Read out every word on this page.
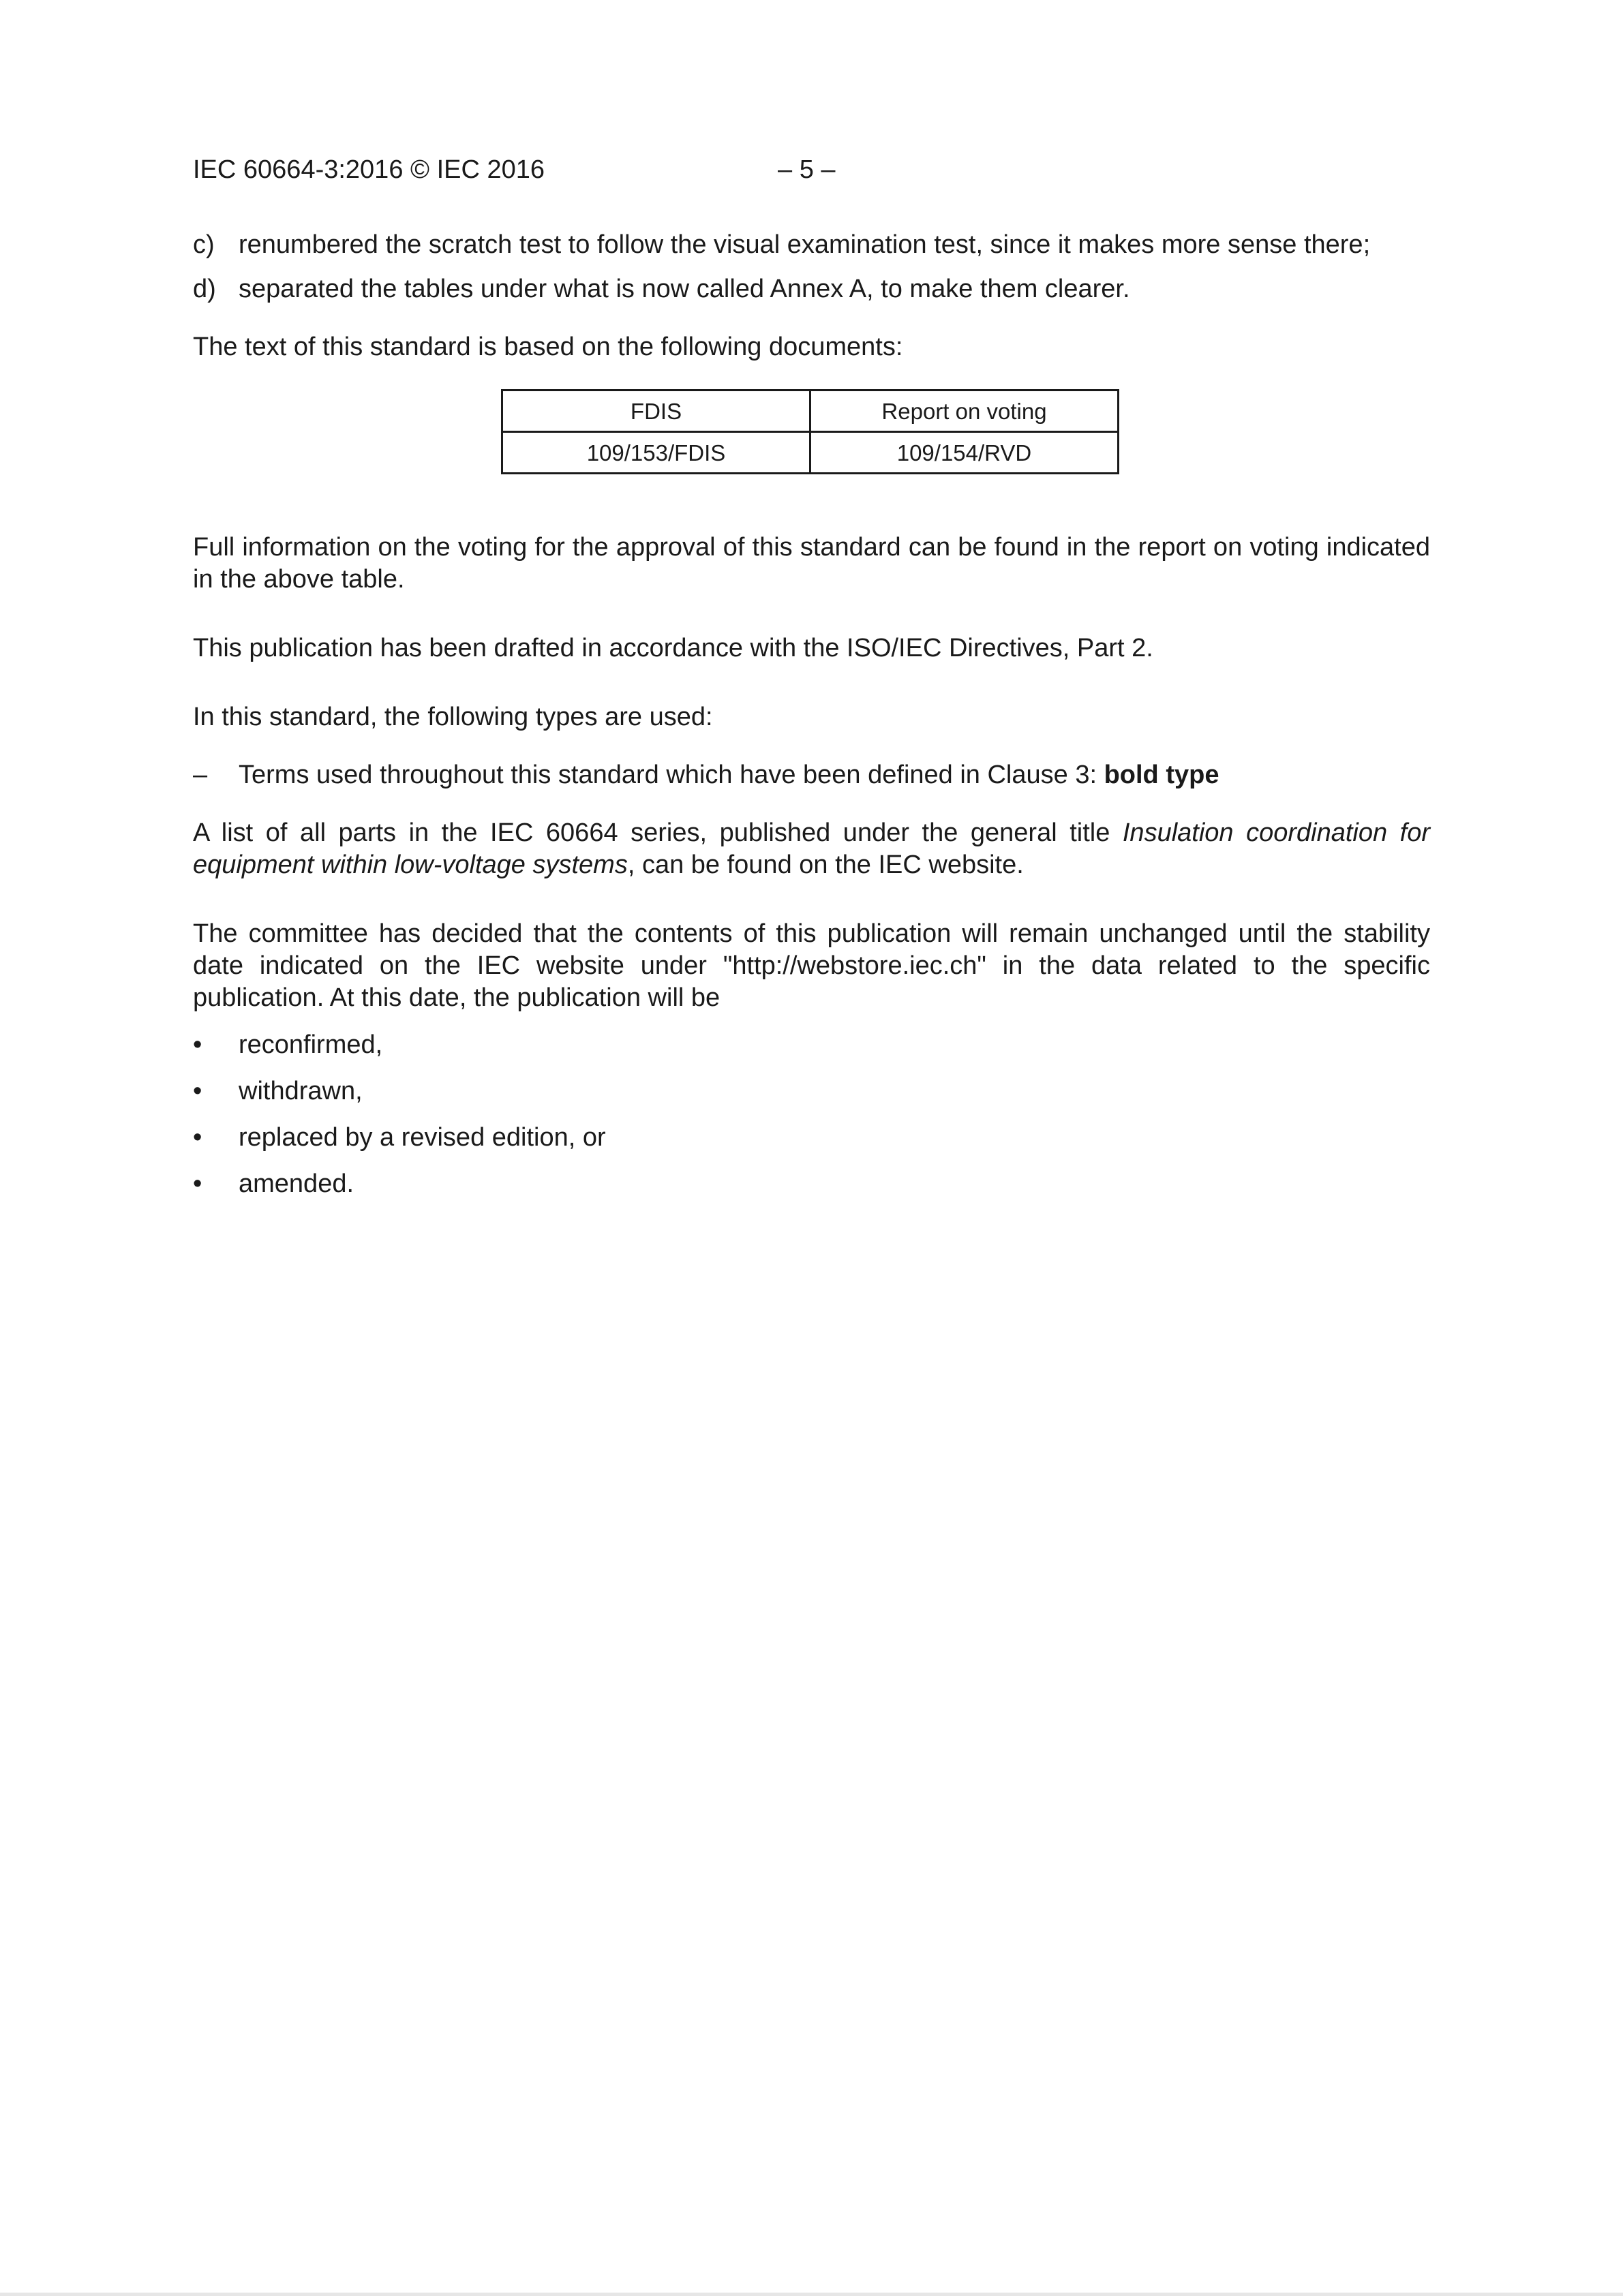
IEC 60664-3:2016 © IEC 2016	– 5 –
c) renumbered the scratch test to follow the visual examination test, since it makes more sense there;
d) separated the tables under what is now called Annex A, to make them clearer.

The text of this standard is based on the following documents:

FDIS	Report on voting
109/153/FDIS	109/154/RVD

Full information on the voting for the approval of this standard can be found in the report on voting indicated in the above table.

This publication has been drafted in accordance with the ISO/IEC Directives, Part 2.

In this standard, the following types are used:

–	Terms used throughout this standard which have been defined in Clause 3: bold type

A list of all parts in the IEC 60664 series, published under the general title Insulation coordination for equipment within low-voltage systems, can be found on the IEC website.

The committee has decided that the contents of this publication will remain unchanged until the stability date indicated on the IEC website under "http://webstore.iec.ch" in the data related to the specific publication. At this date, the publication will be

•	reconfirmed,
•	withdrawn,
•	replaced by a revised edition, or
•	amended.
